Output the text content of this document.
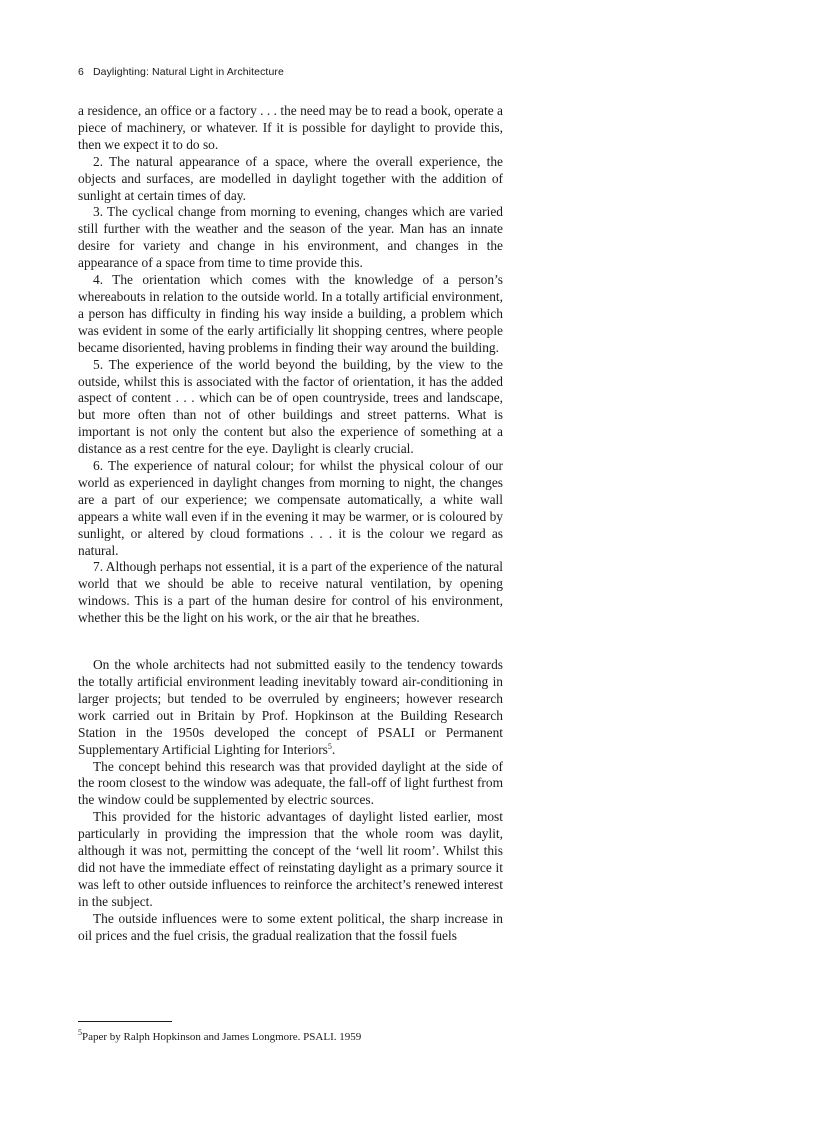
6 Daylighting: Natural Light in Architecture

a residence, an office or a factory . . . the need may be to read a book, operate a piece of machinery, or whatever. If it is possible for daylight to provide this, then we expect it to do so.

2. The natural appearance of a space, where the overall experience, the objects and surfaces, are modelled in daylight together with the addition of sunlight at certain times of day.

3. The cyclical change from morning to evening, changes which are varied still further with the weather and the season of the year. Man has an innate desire for variety and change in his environment, and changes in the appearance of a space from time to time provide this.

4. The orientation which comes with the knowledge of a person’s whereabouts in relation to the outside world. In a totally artificial environment, a person has difficulty in finding his way inside a building, a problem which was evident in some of the early artificially lit shopping centres, where people became disoriented, having problems in finding their way around the building.

5. The experience of the world beyond the building, by the view to the outside, whilst this is associated with the factor of orientation, it has the added aspect of content . . . which can be of open countryside, trees and landscape, but more often than not of other buildings and street patterns. What is important is not only the content but also the experience of something at a distance as a rest centre for the eye. Daylight is clearly crucial.

6. The experience of natural colour; for whilst the physical colour of our world as experienced in daylight changes from morning to night, the changes are a part of our experience; we compensate automatically, a white wall appears a white wall even if in the evening it may be warmer, or is coloured by sunlight, or altered by cloud formations . . . it is the colour we regard as natural.

7. Although perhaps not essential, it is a part of the experience of the natural world that we should be able to receive natural ventilation, by opening windows. This is a part of the human desire for control of his environment, whether this be the light on his work, or the air that he breathes.

On the whole architects had not submitted easily to the tendency towards the totally artificial environment leading inevitably toward air-conditioning in larger projects; but tended to be overruled by engineers; however research work carried out in Britain by Prof. Hopkinson at the Building Research Station in the 1950s developed the concept of PSALI or Permanent Supplementary Artificial Lighting for Interiors$^5$.

The concept behind this research was that provided daylight at the side of the room closest to the window was adequate, the fall-off of light furthest from the window could be supplemented by electric sources.

This provided for the historic advantages of daylight listed earlier, most particularly in providing the impression that the whole room was daylit, although it was not, permitting the concept of the ‘well lit room’. Whilst this did not have the immediate effect of reinstating daylight as a primary source it was left to other outside influences to reinforce the architect’s renewed interest in the subject.

The outside influences were to some extent political, the sharp increase in oil prices and the fuel crisis, the gradual realization that the fossil fuels

$^5$Paper by Ralph Hopkinson and James Longmore. PSALI. 1959
